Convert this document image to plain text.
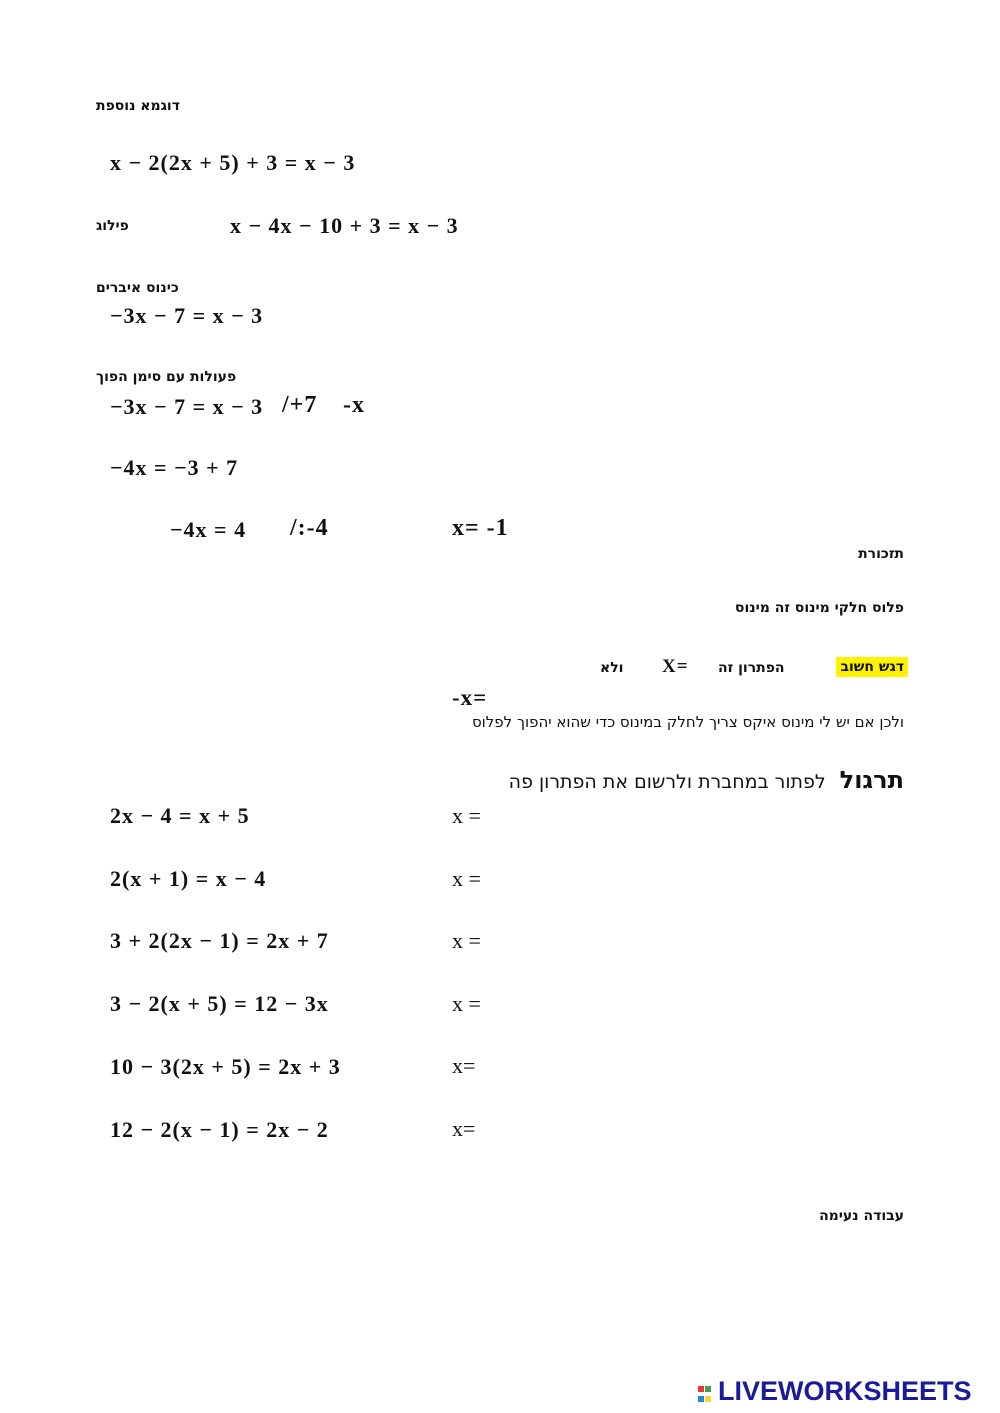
דוגמא נוספת
x − 2(2x + 5) + 3 = x − 3
פילוג	x − 4x − 10 + 3 = x − 3
כינוס איברים
−3x − 7 = x − 3
פעולות עם סימן הפוך
−3x − 7 = x − 3 /+7 -x
−4x = −3 + 7
−4x = 4 /:-4	x= -1
תזכורת
פלוס חלקי מינוס זה מינוס
דגש חשוב
הפתרון זה
X=
ולא
-x=
ולכן אם יש לי מינוס איקס צריך לחלק במינוס כדי שהוא יהפוך לפלוס
תרגול לפתור במחברת ולרשום את הפתרון פה
2x − 4 = x + 5	x =
2(x + 1) = x − 4	x =
3 + 2(2x − 1) = 2x + 7	x =
3 − 2(x + 5) = 12 − 3x	x =
10 − 3(2x + 5) = 2x + 3	x=
12 − 2(x − 1) = 2x − 2	x=
עבודה נעימה
LIVEWORKSHEETS
